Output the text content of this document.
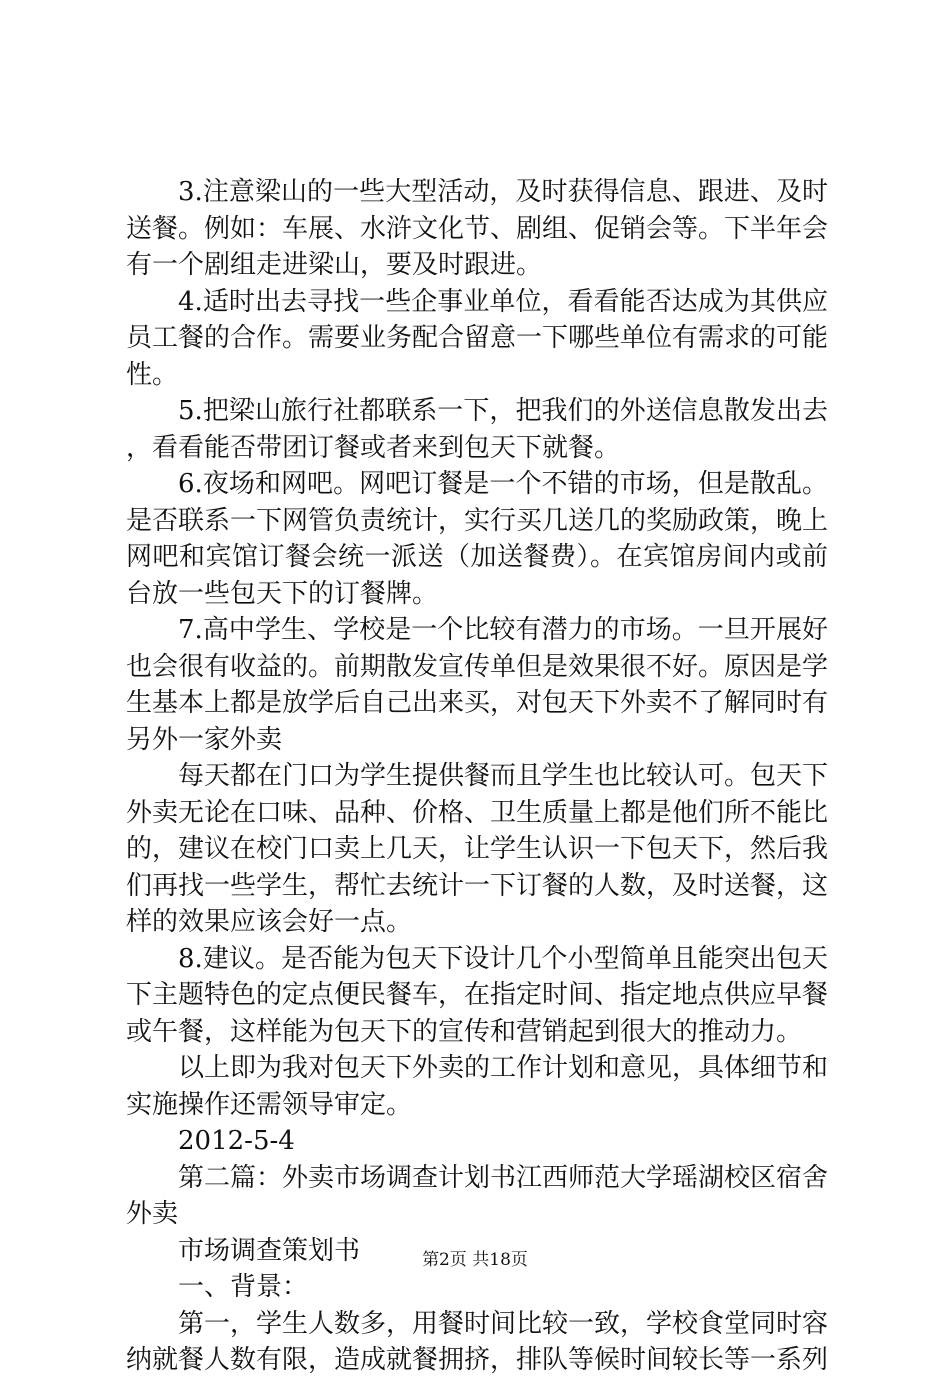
3.注意梁山的一些大型活动，及时获得信息、跟进、及时送餐。例如：车展、水浒文化节、剧组、促销会等。下半年会有一个剧组走进梁山，要及时跟进。

4.适时出去寻找一些企事业单位，看看能否达成为其供应员工餐的合作。需要业务配合留意一下哪些单位有需求的可能性。

5.把梁山旅行社都联系一下，把我们的外送信息散发出去，看看能否带团订餐或者来到包天下就餐。

6.夜场和网吧。网吧订餐是一个不错的市场，但是散乱。是否联系一下网管负责统计，实行买几送几的奖励政策，晚上网吧和宾馆订餐会统一派送（加送餐费）。在宾馆房间内或前台放一些包天下的订餐牌。

7.高中学生、学校是一个比较有潜力的市场。一旦开展好也会很有收益的。前期散发宣传单但是效果很不好。原因是学生基本上都是放学后自己出来买，对包天下外卖不了解同时有另外一家外卖

每天都在门口为学生提供餐而且学生也比较认可。包天下外卖无论在口味、品种、价格、卫生质量上都是他们所不能比的，建议在校门口卖上几天，让学生认识一下包天下，然后我们再找一些学生，帮忙去统计一下订餐的人数，及时送餐，这样的效果应该会好一点。

8.建议。是否能为包天下设计几个小型简单且能突出包天下主题特色的定点便民餐车，在指定时间、指定地点供应早餐或午餐，这样能为包天下的宣传和营销起到很大的推动力。

以上即为我对包天下外卖的工作计划和意见，具体细节和实施操作还需领导审定。

2012-5-4

第二篇：外卖市场调查计划书江西师范大学瑶湖校区宿舍外卖

市场调查策划书

一、背景：

第一，学生人数多，用餐时间比较一致，学校食堂同时容纳就餐人数有限，造成就餐拥挤，排队等候时间较长等一系列

第2页 共18页
